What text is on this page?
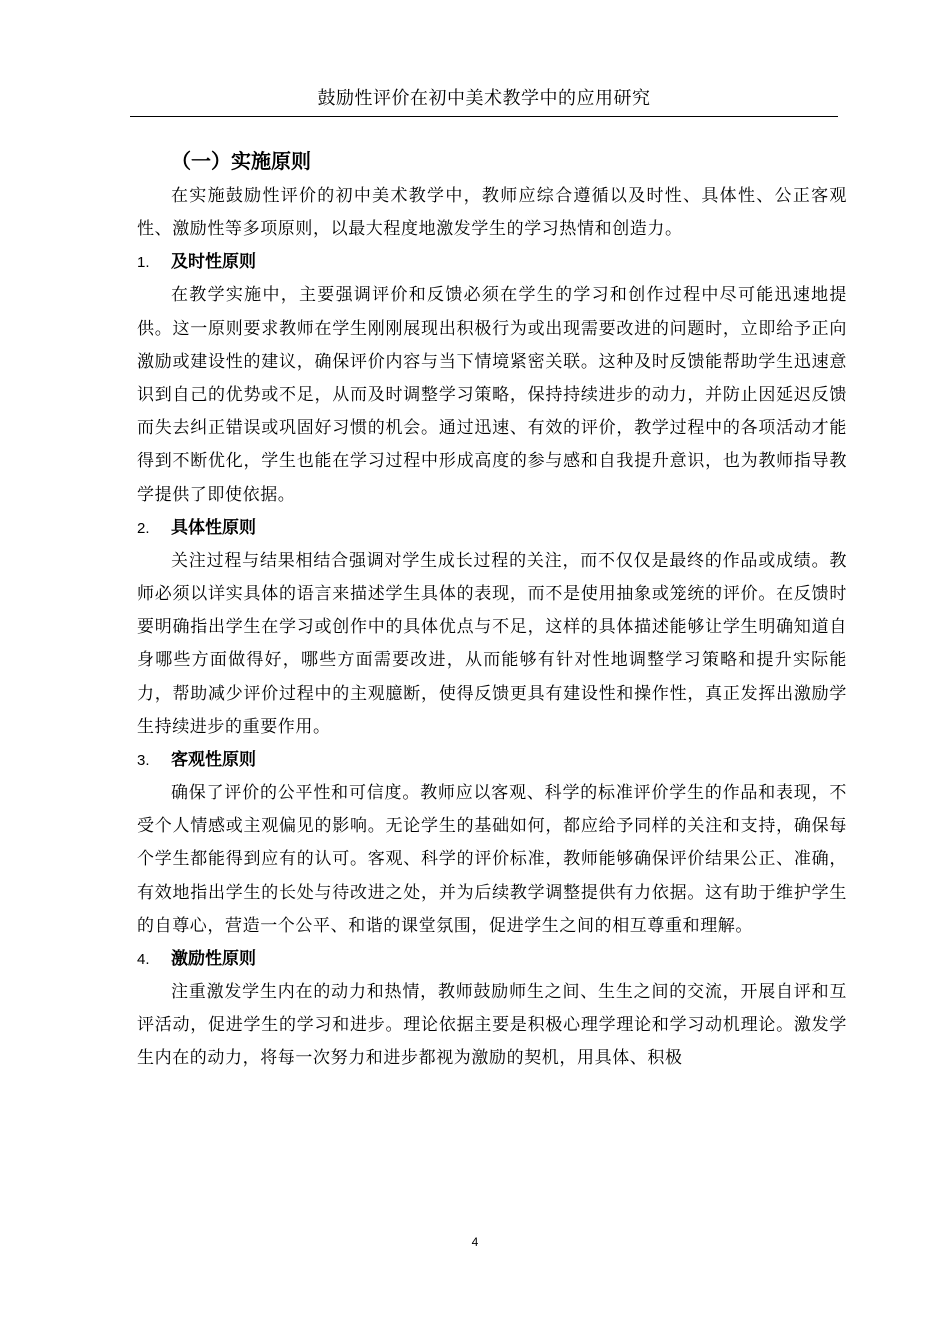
鼓励性评价在初中美术教学中的应用研究
（一）实施原则

在实施鼓励性评价的初中美术教学中，教师应综合遵循以及时性、具体性、公正客观性、激励性等多项原则，以最大程度地激发学生的学习热情和创造力。

1.	及时性原则

在教学实施中，主要强调评价和反馈必须在学生的学习和创作过程中尽可能迅速地提供。这一原则要求教师在学生刚刚展现出积极行为或出现需要改进的问题时，立即给予正向激励或建设性的建议，确保评价内容与当下情境紧密关联。这种及时反馈能帮助学生迅速意识到自己的优势或不足，从而及时调整学习策略，保持持续进步的动力，并防止因延迟反馈而失去纠正错误或巩固好习惯的机会。通过迅速、有效的评价，教学过程中的各项活动才能得到不断优化，学生也能在学习过程中形成高度的参与感和自我提升意识，也为教师指导教学提供了即使依据。

2.	具体性原则

关注过程与结果相结合强调对学生成长过程的关注，而不仅仅是最终的作品或成绩。教师必须以详实具体的语言来描述学生具体的表现，而不是使用抽象或笼统的评价。在反馈时要明确指出学生在学习或创作中的具体优点与不足，这样的具体描述能够让学生明确知道自身哪些方面做得好，哪些方面需要改进，从而能够有针对性地调整学习策略和提升实际能力，帮助减少评价过程中的主观臆断，使得反馈更具有建设性和操作性，真正发挥出激励学生持续进步的重要作用。

3.	客观性原则

确保了评价的公平性和可信度。教师应以客观、科学的标准评价学生的作品和表现，不受个人情感或主观偏见的影响。无论学生的基础如何，都应给予同样的关注和支持，确保每个学生都能得到应有的认可。客观、科学的评价标准，教师能够确保评价结果公正、准确，有效地指出学生的长处与待改进之处，并为后续教学调整提供有力依据。这有助于维护学生的自尊心，营造一个公平、和谐的课堂氛围，促进学生之间的相互尊重和理解。

4.	激励性原则

注重激发学生内在的动力和热情，教师鼓励师生之间、生生之间的交流，开展自评和互评活动，促进学生的学习和进步。理论依据主要是积极心理学理论和学习动机理论。激发学生内在的动力，将每一次努力和进步都视为激励的契机，用具体、积极

4
